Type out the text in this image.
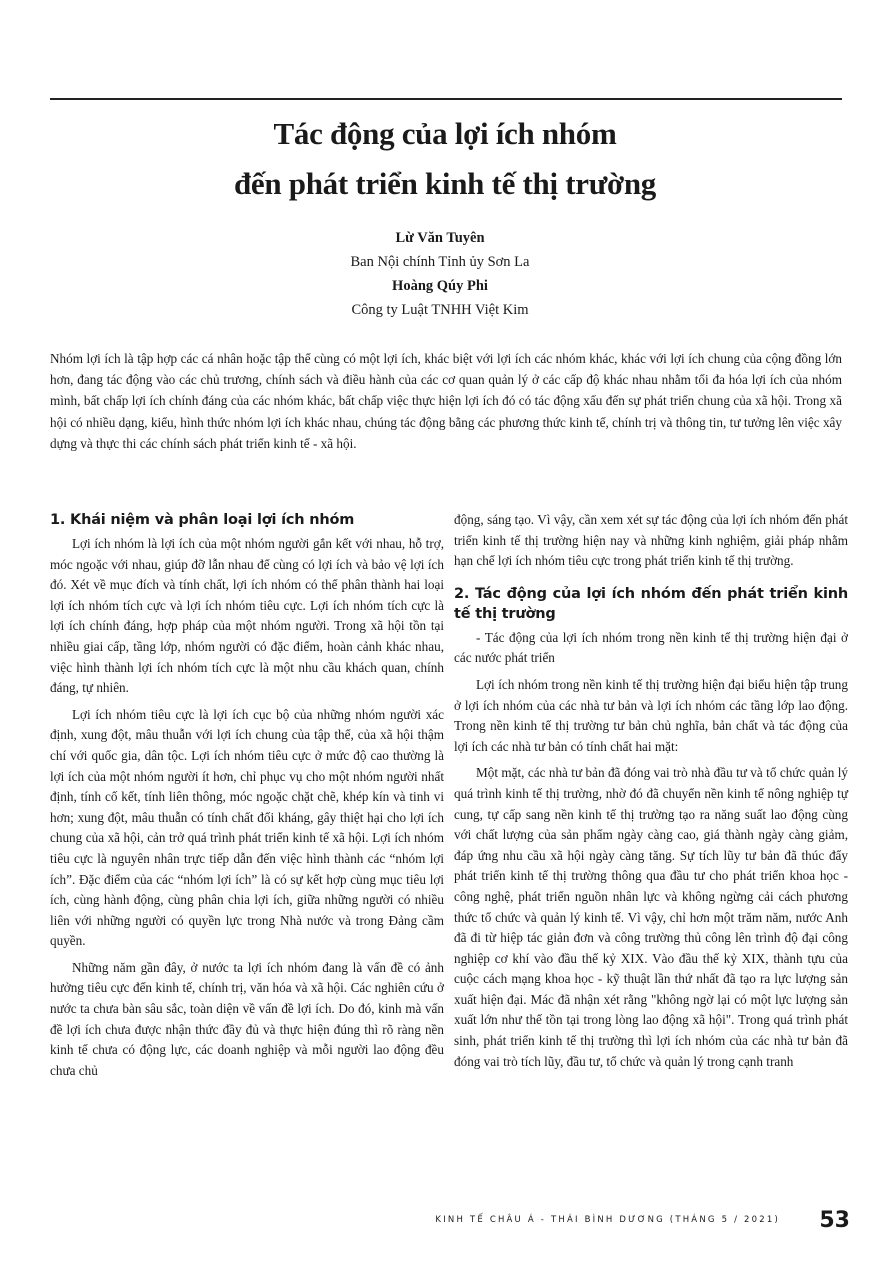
Tác động của lợi ích nhóm
đến phát triển kinh tế thị trường
Lừ Văn Tuyên
Ban Nội chính Tỉnh ủy Sơn La
Hoàng Qúy Phi
Công ty Luật TNHH Việt Kim
Nhóm lợi ích là tập hợp các cá nhân hoặc tập thể cùng có một lợi ích, khác biệt với lợi ích các nhóm khác, khác với lợi ích chung của cộng đồng lớn hơn, đang tác động vào các chủ trương, chính sách và điều hành của các cơ quan quản lý ở các cấp độ khác nhau nhằm tối đa hóa lợi ích của nhóm mình, bất chấp lợi ích chính đáng của các nhóm khác, bất chấp việc thực hiện lợi ích đó có tác động xấu đến sự phát triển chung của xã hội. Trong xã hội có nhiều dạng, kiểu, hình thức nhóm lợi ích khác nhau, chúng tác động bằng các phương thức kinh tế, chính trị và thông tin, tư tưởng lên việc xây dựng và thực thi các chính sách phát triển kinh tế - xã hội.
1. Khái niệm và phân loại lợi ích nhóm

Lợi ích nhóm là lợi ích của một nhóm người gắn kết với nhau, hỗ trợ, móc ngoặc với nhau, giúp đỡ lẫn nhau để cùng có lợi ích và bảo vệ lợi ích đó. Xét về mục đích và tính chất, lợi ích nhóm có thể phân thành hai loại lợi ích nhóm tích cực và lợi ích nhóm tiêu cực. Lợi ích nhóm tích cực là lợi ích chính đáng, hợp pháp của một nhóm người. Trong xã hội tồn tại nhiều giai cấp, tầng lớp, nhóm người có đặc điểm, hoàn cảnh khác nhau, việc hình thành lợi ích nhóm tích cực là một nhu cầu khách quan, chính đáng, tự nhiên.

Lợi ích nhóm tiêu cực là lợi ích cục bộ của những nhóm người xác định, xung đột, mâu thuẫn với lợi ích chung của tập thể, của xã hội thậm chí với quốc gia, dân tộc. Lợi ích nhóm tiêu cực ở mức độ cao thường là lợi ích của một nhóm người ít hơn, chỉ phục vụ cho một nhóm người nhất định, tính cố kết, tính liên thông, móc ngoặc chặt chẽ, khép kín và tinh vi hơn; xung đột, mâu thuẫn có tính chất đối kháng, gây thiệt hại cho lợi ích chung của xã hội, cản trở quá trình phát triển kinh tế xã hội. Lợi ích nhóm tiêu cực là nguyên nhân trực tiếp dẫn đến việc hình thành các “nhóm lợi ích”. Đặc điểm của các “nhóm lợi ích” là có sự kết hợp cùng mục tiêu lợi ích, cùng hành động, cùng phân chia lợi ích, giữa những người có nhiều liên với những người có quyền lực trong Nhà nước và trong Đảng cầm quyền.

Những năm gần đây, ở nước ta lợi ích nhóm đang là vấn đề có ảnh hưởng tiêu cực đến kinh tế, chính trị, văn hóa và xã hội. Các nghiên cứu ở nước ta chưa bàn sâu sắc, toàn diện về vấn đề lợi ích. Do đó, kinh mà vấn đề lợi ích chưa được nhận thức đầy đủ và thực hiện đúng thì rõ ràng nền kinh tế chưa có động lực, các doanh nghiệp và mỗi người lao động đều chưa chủ

động, sáng tạo. Vì vậy, cần xem xét sự tác động của lợi ích nhóm đến phát triển kinh tế thị trường hiện nay và những kinh nghiệm, giải pháp nhằm hạn chế lợi ích nhóm tiêu cực trong phát triển kinh tế thị trường.

2. Tác động của lợi ích nhóm đến phát triển kinh tế thị trường

- Tác động của lợi ích nhóm trong nền kinh tế thị trường hiện đại ở các nước phát triển

Lợi ích nhóm trong nền kinh tế thị trường hiện đại biểu hiện tập trung ở lợi ích nhóm của các nhà tư bản và lợi ích nhóm các tầng lớp lao động. Trong nền kinh tế thị trường tư bản chủ nghĩa, bản chất và tác động của lợi ích các nhà tư bản có tính chất hai mặt:

Một mặt, các nhà tư bản đã đóng vai trò nhà đầu tư và tổ chức quản lý quá trình kinh tế thị trường, nhờ đó đã chuyển nền kinh tế nông nghiệp tự cung, tự cấp sang nền kinh tế thị trường tạo ra năng suất lao động cùng với chất lượng của sản phẩm ngày càng cao, giá thành ngày càng giảm, đáp ứng nhu cầu xã hội ngày càng tăng. Sự tích lũy tư bản đã thúc đẩy phát triển kinh tế thị trường thông qua đầu tư cho phát triển khoa học - công nghệ, phát triển nguồn nhân lực và không ngừng cải cách phương thức tổ chức và quản lý kinh tế. Vì vậy, chỉ hơn một trăm năm, nước Anh đã đi từ hiệp tác giản đơn và công trường thủ công lên trình độ đại công nghiệp cơ khí vào đầu thế kỷ XIX. Vào đầu thế kỷ XIX, thành tựu của cuộc cách mạng khoa học - kỹ thuật lần thứ nhất đã tạo ra lực lượng sản xuất hiện đại. Mác đã nhận xét rằng "không ngờ lại có một lực lượng sản xuất lớn như thế tồn tại trong lòng lao động xã hội". Trong quá trình phát sinh, phát triển kinh tế thị trường thì lợi ích nhóm của các nhà tư bản đã đóng vai trò tích lũy, đầu tư, tổ chức và quản lý trong cạnh tranh

KINH TẾ CHÂU Á - THÁI BÌNH DƯƠNG (THÁNG 5 / 2021)	53
